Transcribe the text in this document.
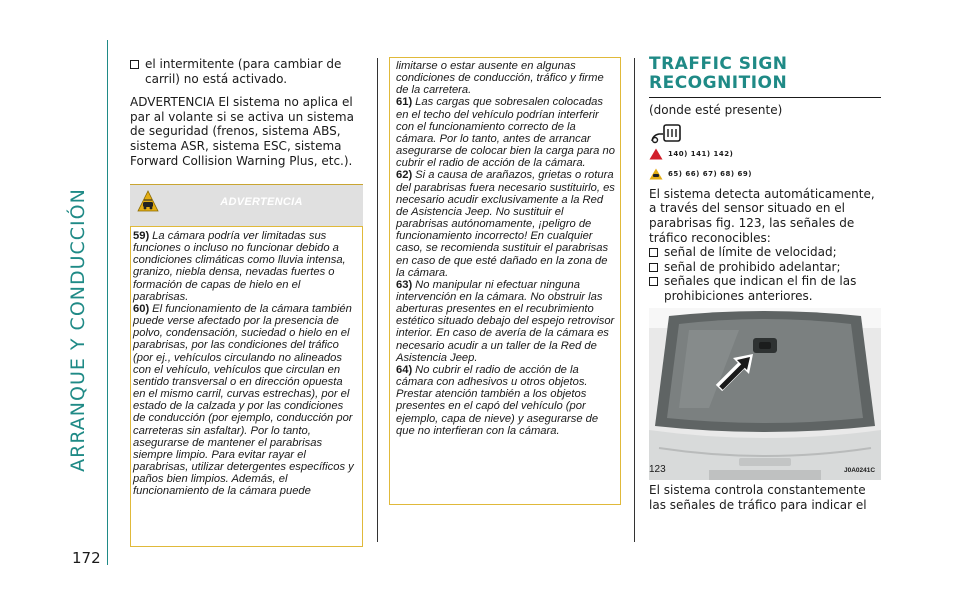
ARRANQUE Y CONDUCCIÓN
172
el intermitente (para cambiar de carril) no está activado.

ADVERTENCIA El sistema no aplica el par al volante si se activa un sistema de seguridad (frenos, sistema ABS, sistema ASR, sistema ESC, sistema Forward Collision Warning Plus, etc.).

ADVERTENCIA

59) La cámara podría ver limitadas sus funciones o incluso no funcionar debido a condiciones climáticas como lluvia intensa, granizo, niebla densa, nevadas fuertes o formación de capas de hielo en el parabrisas.

60) El funcionamiento de la cámara también puede verse afectado por la presencia de polvo, condensación, suciedad o hielo en el parabrisas, por las condiciones del tráfico (por ej., vehículos circulando no alineados con el vehículo, vehículos que circulan en sentido transversal o en dirección opuesta en el mismo carril, curvas estrechas), por el estado de la calzada y por las condiciones de conducción (por ejemplo, conducción por carreteras sin asfaltar). Por lo tanto, asegurarse de mantener el parabrisas siempre limpio. Para evitar rayar el parabrisas, utilizar detergentes específicos y paños bien limpios. Además, el funcionamiento de la cámara puede

limitarse o estar ausente en algunas condiciones de conducción, tráfico y firme de la carretera.

61) Las cargas que sobresalen colocadas en el techo del vehículo podrían interferir con el funcionamiento correcto de la cámara. Por lo tanto, antes de arrancar asegurarse de colocar bien la carga para no cubrir el radio de acción de la cámara.

62) Si a causa de arañazos, grietas o rotura del parabrisas fuera necesario sustituirlo, es necesario acudir exclusivamente a la Red de Asistencia Jeep. No sustituir el parabrisas autónomamente, ¡peligro de funcionamiento incorrecto! En cualquier caso, se recomienda sustituir el parabrisas en caso de que esté dañado en la zona de la cámara.

63) No manipular ni efectuar ninguna intervención en la cámara. No obstruir las aberturas presentes en el recubrimiento estético situado debajo del espejo retrovisor interior. En caso de avería de la cámara es necesario acudir a un taller de la Red de Asistencia Jeep.

64) No cubrir el radio de acción de la cámara con adhesivos u otros objetos. Prestar atención también a los objetos presentes en el capó del vehículo (por ejemplo, capa de nieve) y asegurarse de que no interfieran con la cámara.

TRAFFIC SIGN RECOGNITION

(donde esté presente)

140) 141) 142)
65) 66) 67) 68) 69)

El sistema detecta automáticamente, a través del sensor situado en el parabrisas fig. 123, las señales de tráfico reconocibles:

señal de límite de velocidad;
señal de prohibido adelantar;
señales que indican el fin de las prohibiciones anteriores.
123	J0A0241C

El sistema controla constantemente las señales de tráfico para indicar el
